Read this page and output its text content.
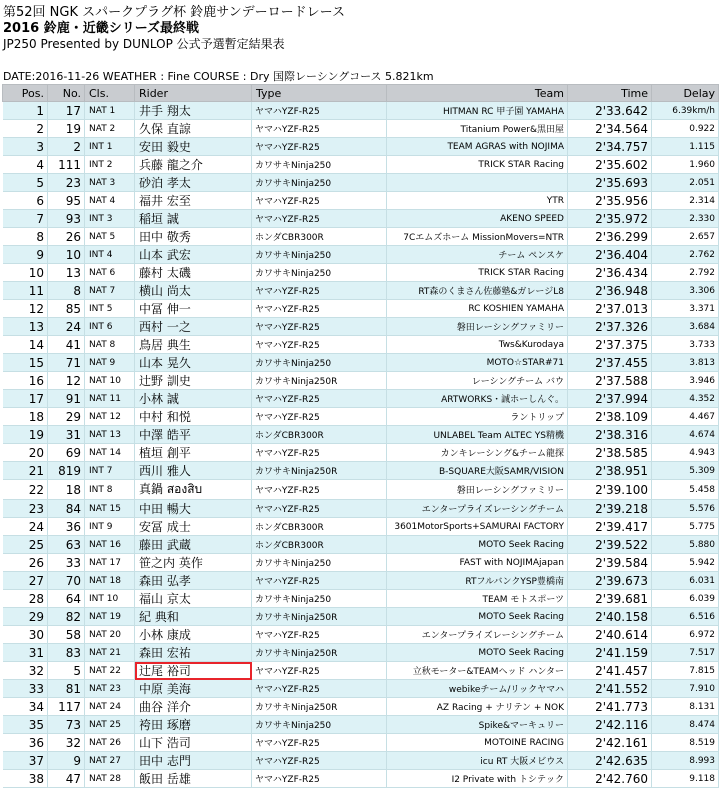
第52回 NGK スパークプラグ杯 鈴鹿サンデーロードレース
2016 鈴鹿・近畿シリーズ最終戦
JP250 Presented by DUNLOP 公式予選暫定結果表
DATE:2016-11-26 WEATHER : Fine COURSE : Dry 国際レーシングコース 5.821km
Pos.	No.	Cls.	Rider	Type	Team	Time	Delay
1	17	NAT 1	井手 翔太	ヤマハYZF-R25	HITMAN RC 甲子園 YAMAHA	2'33.642	6.39km/h
2	19	NAT 2	久保 直諒	ヤマハYZF-R25	Titanium Power&黒田屋	2'34.564	0.922
3	2	INT 1	安田 毅史	ヤマハYZF-R25	TEAM AGRAS with NOJIMA	2'34.757	1.115
4	111	INT 2	兵藤 龍之介	カワサキNinja250	TRICK STAR Racing	2'35.602	1.960
5	23	NAT 3	砂泊 孝太	カワサキNinja250		2'35.693	2.051
6	95	NAT 4	福井 宏至	ヤマハYZF-R25	YTR	2'35.956	2.314
7	93	INT 3	稲垣 誠	ヤマハYZF-R25	AKENO SPEED	2'35.972	2.330
8	26	NAT 5	田中 敬秀	ホンダCBR300R	7Cエムズホーム MissionMovers=NTR	2'36.299	2.657
9	10	INT 4	山本 武宏	カワサキNinja250	チーム ペンスケ	2'36.404	2.762
10	13	NAT 6	藤村 太磯	カワサキNinja250	TRICK STAR Racing	2'36.434	2.792
11	8	NAT 7	横山 尚太	ヤマハYZF-R25	RT森のくまさん佐藤塾&ガレージL8	2'36.948	3.306
12	85	INT 5	中冨 伸一	ヤマハYZF-R25	RC KOSHIEN YAMAHA	2'37.013	3.371
13	24	INT 6	西村 一之	ヤマハYZF-R25	磐田レーシングファミリー	2'37.326	3.684
14	41	NAT 8	鳥居 典生	ヤマハYZF-R25	Tws&Kurodaya	2'37.375	3.733
15	71	NAT 9	山本 晃久	カワサキNinja250	MOTO☆STAR#71	2'37.455	3.813
16	12	NAT 10	辻野 訓史	カワサキNinja250R	レーシングチーム バウ	2'37.588	3.946
17	91	NAT 11	小林 誠	ヤマハYZF-R25	ARTWORKS・誠ホーしんぐ。	2'37.994	4.352
18	29	NAT 12	中村 和悦	ヤマハYZF-R25	ラントリップ	2'38.109	4.467
19	31	NAT 13	中澤 皓平	ホンダCBR300R	UNLABEL Team ALTEC YS精機	2'38.316	4.674
20	69	NAT 14	植垣 創平	ヤマハYZF-R25	カンキレーシング&チーム龍探	2'38.585	4.943
21	819	INT 7	西川 雅人	カワサキNinja250R	B-SQUARE大阪SAMR/VISION	2'38.951	5.309
22	18	INT 8	真鍋 สองสิบ	ヤマハYZF-R25	磐田レーシングファミリー	2'39.100	5.458
23	84	NAT 15	中田 暢大	ヤマハYZF-R25	エンタープライズレーシングチーム	2'39.218	5.576
24	36	INT 9	安冨 成士	ホンダCBR300R	3601MotorSports+SAMURAI FACTORY	2'39.417	5.775
25	63	NAT 16	藤田 武蔵	ホンダCBR300R	MOTO Seek Racing	2'39.522	5.880
26	33	NAT 17	笹之内 英作	カワサキNinja250	FAST with NOJIMAjapan	2'39.584	5.942
27	70	NAT 18	森田 弘孝	ヤマハYZF-R25	RTフルバンクYSP豊橋南	2'39.673	6.031
28	64	INT 10	福山 京太	カワサキNinja250	TEAM モトスポーツ	2'39.681	6.039
29	82	NAT 19	紀 典和	カワサキNinja250R	MOTO Seek Racing	2'40.158	6.516
30	58	NAT 20	小林 康成	ヤマハYZF-R25	エンタープライズレーシングチーム	2'40.614	6.972
31	83	NAT 21	森田 宏祐	カワサキNinja250R	MOTO Seek Racing	2'41.159	7.517
32	5	NAT 22	辻尾 裕司	ヤマハYZF-R25	立秋モーター&TEAMヘッド ハンター	2'41.457	7.815
33	81	NAT 23	中原 美海	ヤマハYZF-R25	webikeチーム/リックヤマハ	2'41.552	7.910
34	117	NAT 24	曲谷 洋介	カワサキNinja250R	AZ Racing + ナリテン + NOK	2'41.773	8.131
35	73	NAT 25	袴田 琢磨	カワサキNinja250	Spike&マーキュリー	2'42.116	8.474
36	32	NAT 26	山下 浩司	ヤマハYZF-R25	MOTOINE RACING	2'42.161	8.519
37	9	NAT 27	田中 志門	ヤマハYZF-R25	icu RT 大阪メビウス	2'42.635	8.993
38	47	NAT 28	飯田 岳雄	ヤマハYZF-R25	I2 Private with トシテック	2'42.760	9.118
